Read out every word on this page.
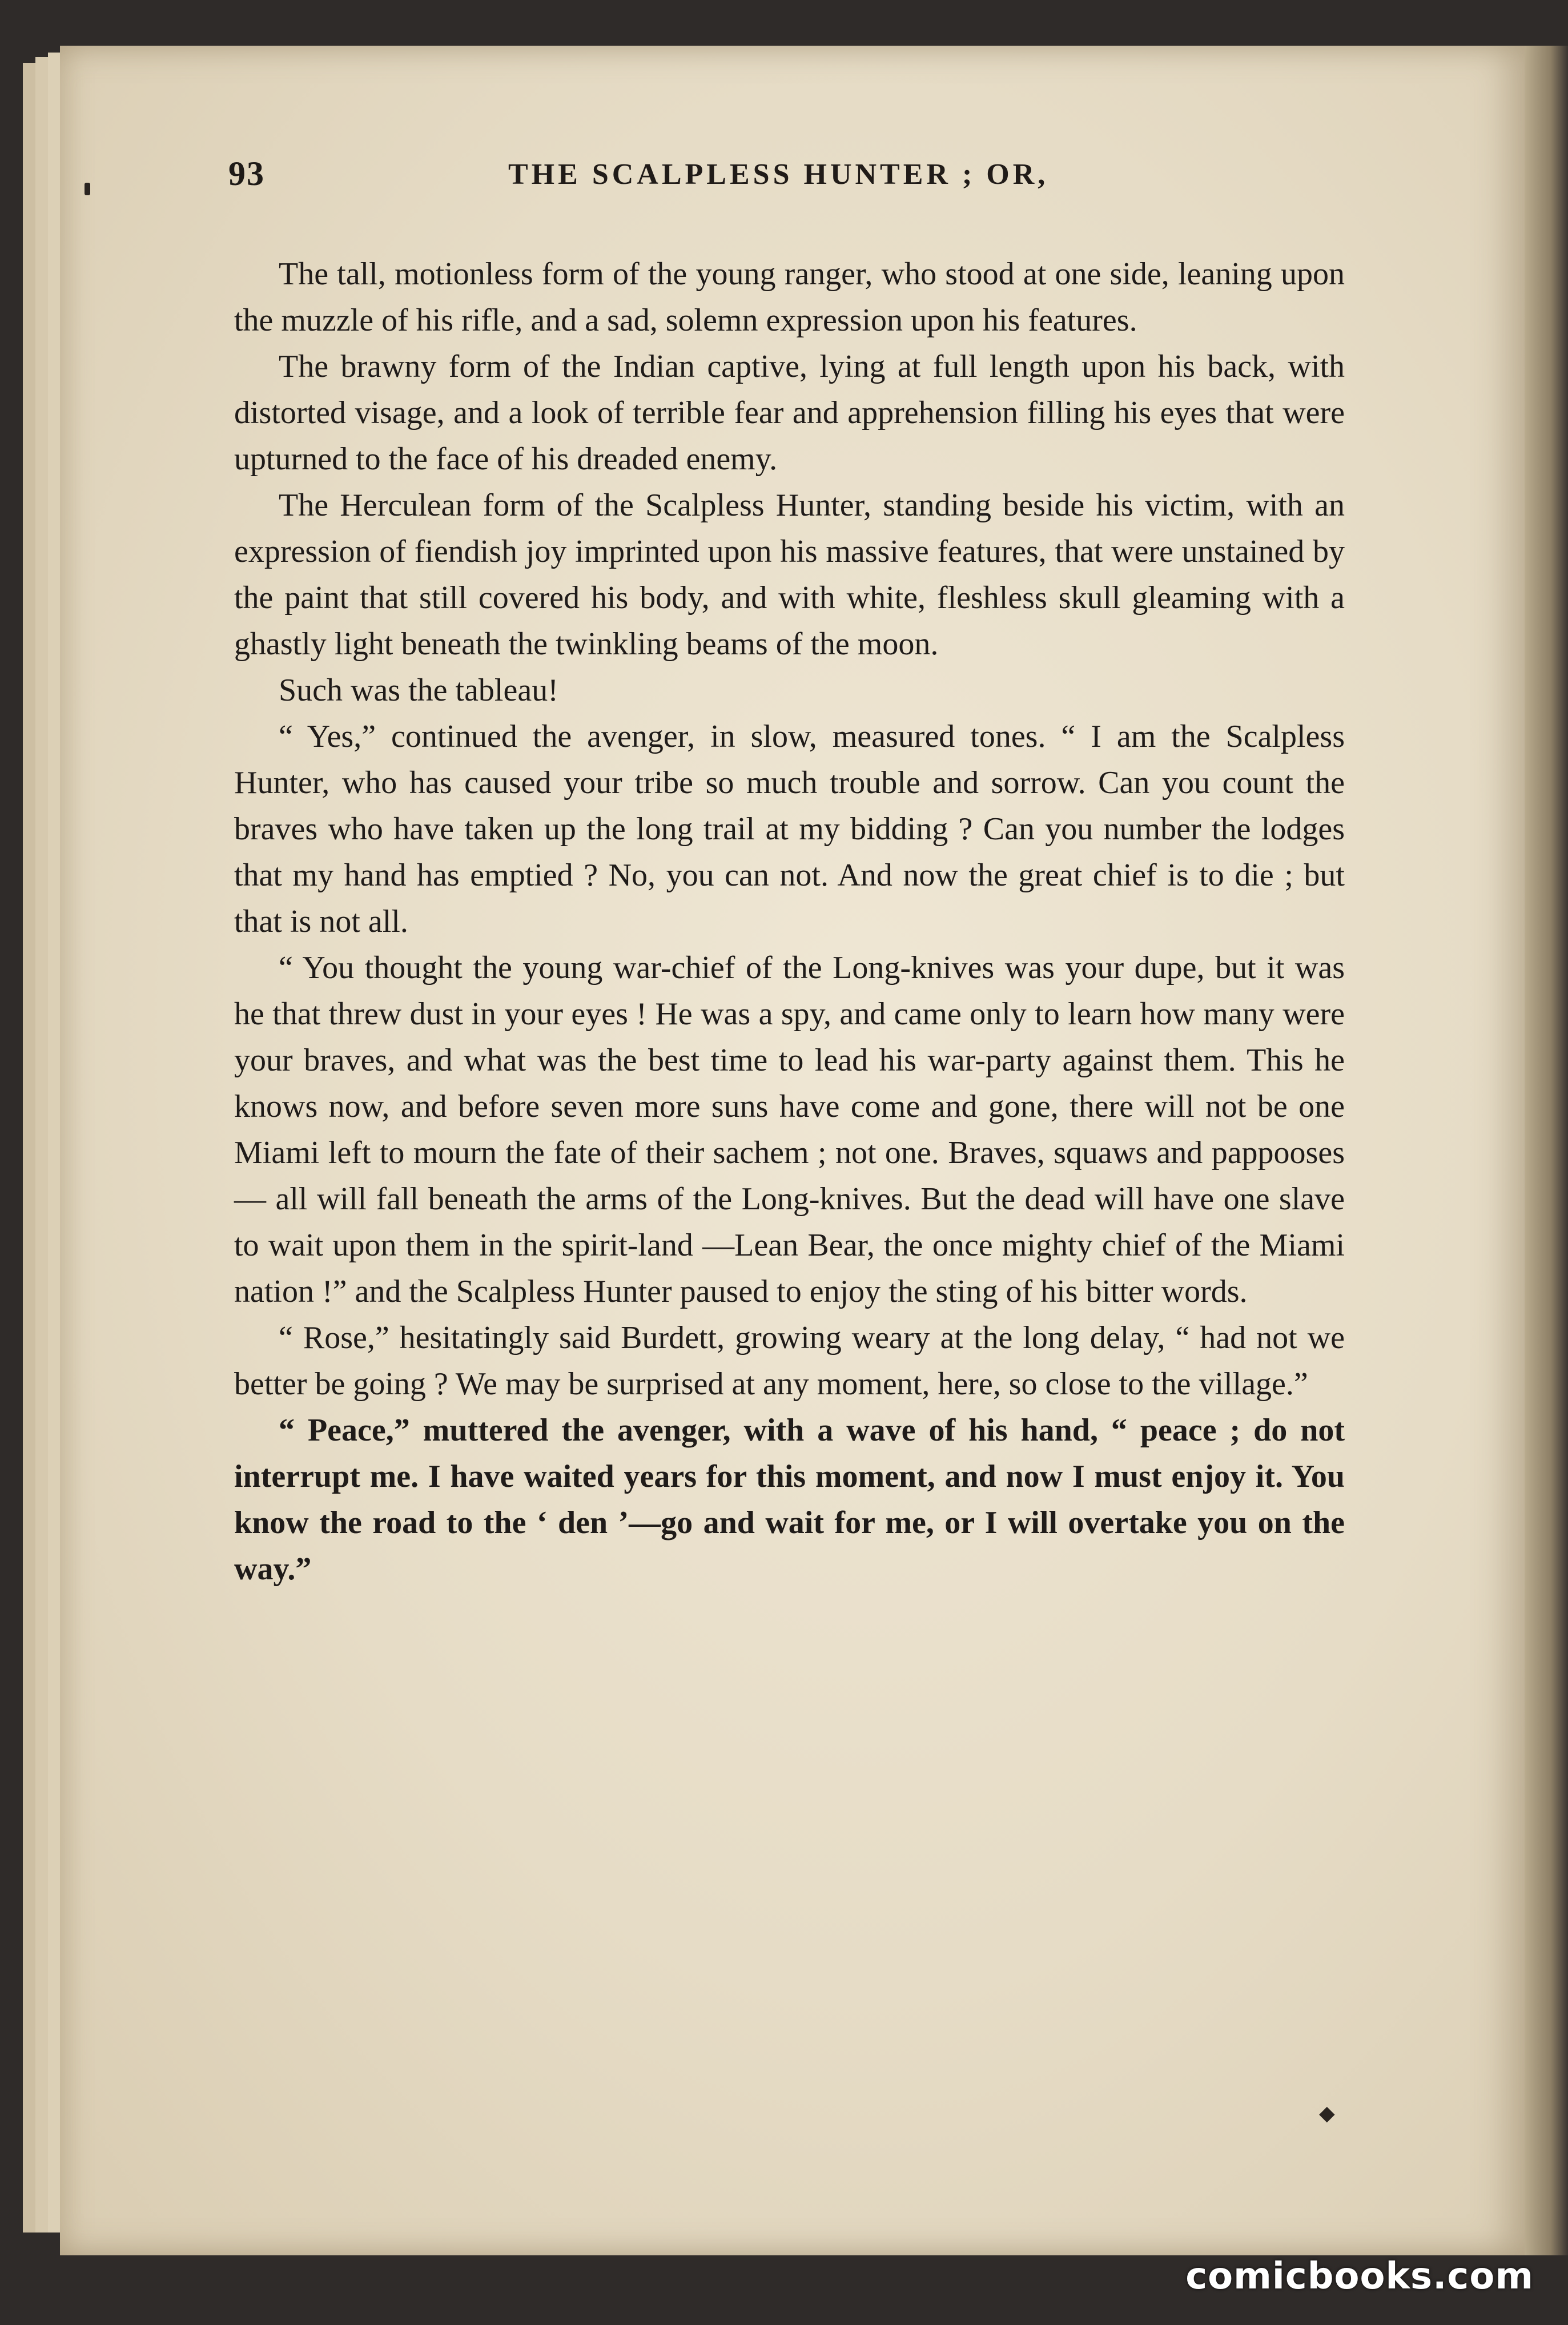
93	THE SCALPLESS HUNTER ; OR,

The tall, motionless form of the young ranger, who stood at one side, leaning upon the muzzle of his rifle, and a sad, solemn expression upon his features.

The brawny form of the Indian captive, lying at full length upon his back, with distorted visage, and a look of terrible fear and apprehension filling his eyes that were upturned to the face of his dreaded enemy.

The Herculean form of the Scalpless Hunter, standing beside his victim, with an expression of fiendish joy imprinted upon his massive features, that were unstained by the paint that still covered his body, and with white, fleshless skull gleaming with a ghastly light beneath the twinkling beams of the moon.

Such was the tableau!

“ Yes,” continued the avenger, in slow, measured tones. “ I am the Scalpless Hunter, who has caused your tribe so much trouble and sorrow. Can you count the braves who have taken up the long trail at my bidding ? Can you number the lodges that my hand has emptied ? No, you can not. And now the great chief is to die ; but that is not all.

“ You thought the young war-chief of the Long-knives was your dupe, but it was he that threw dust in your eyes ! He was a spy, and came only to learn how many were your braves, and what was the best time to lead his war-party against them. This he knows now, and before seven more suns have come and gone, there will not be one Miami left to mourn the fate of their sachem ; not one. Braves, squaws and pappooses— all will fall beneath the arms of the Long-knives. But the dead will have one slave to wait upon them in the spirit-land —Lean Bear, the once mighty chief of the Miami nation !” and the Scalpless Hunter paused to enjoy the sting of his bitter words.

“ Rose,” hesitatingly said Burdett, growing weary at the long delay, “ had not we better be going ? We may be surprised at any moment, here, so close to the village.”

“ Peace,” muttered the avenger, with a wave of his hand, “ peace ; do not interrupt me. I have waited years for this moment, and now I must enjoy it. You know the road to the ‘ den ’—go and wait for me, or I will overtake you on the way.”

◆
comicbooks.com
